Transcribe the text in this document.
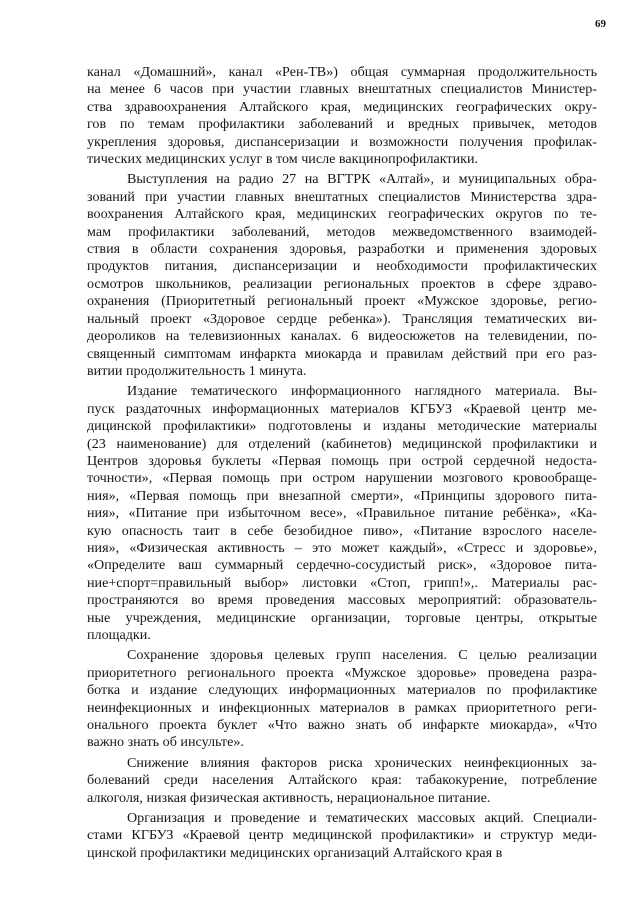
69
канал «Домашний», канал «Рен-ТВ») общая суммарная продолжительность
на менее 6 часов при участии главных внештатных специалистов Министер-
ства здравоохранения Алтайского края, медицинских географических окру-
гов по темам профилактики заболеваний и вредных привычек, методов
укрепления здоровья, диспансеризации и возможности получения профилак-
тических медицинских услуг в том числе вакцинопрофилактики.
Выступления на радио 27 на ВГТРК «Алтай», и муниципальных обра-
зований при участии главных внештатных специалистов Министерства здра-
воохранения Алтайского края, медицинских географических округов по те-
мам профилактики заболеваний, методов межведомственного взаимодей-
ствия в области сохранения здоровья, разработки и применения здоровых
продуктов питания, диспансеризации и необходимости профилактических
осмотров школьников, реализации региональных проектов в сфере здраво-
охранения (Приоритетный региональный проект «Мужское здоровье, регио-
нальный проект «Здоровое сердце ребенка»). Трансляция тематических ви-
деороликов на телевизионных каналах. 6 видеосюжетов на телевидении, по-
священный симптомам инфаркта миокарда и правилам действий при его раз-
витии продолжительность 1 минута.
Издание тематического информационного наглядного материала. Вы-
пуск раздаточных информационных материалов КГБУЗ «Краевой центр ме-
дицинской профилактики» подготовлены и изданы методические материалы
(23 наименование) для отделений (кабинетов) медицинской профилактики и
Центров здоровья буклеты «Первая помощь при острой сердечной недоста-
точности», «Первая помощь при остром нарушении мозгового кровообраще-
ния», «Первая помощь при внезапной смерти», «Принципы здорового пита-
ния», «Питание при избыточном весе», «Правильное питание ребёнка», «Ка-
кую опасность таит в себе безобидное пиво», «Питание взрослого населе-
ния», «Физическая активность – это может каждый», «Стресс и здоровье»,
«Определите ваш суммарный сердечно-сосудистый риск», «Здоровое пита-
ние+спорт=правильный выбор» листовки «Стоп, грипп!»,. Материалы рас-
пространяются во время проведения массовых мероприятий: образователь-
ные учреждения, медицинские организации, торговые центры, открытые
площадки.
Сохранение здоровья целевых групп населения. С целью реализации
приоритетного регионального проекта «Мужское здоровье» проведена разра-
ботка и издание следующих информационных материалов по профилактике
неинфекционных и инфекционных материалов в рамках приоритетного реги-
онального проекта буклет «Что важно знать об инфаркте миокарда», «Что
важно знать об инсульте».
Снижение влияния факторов риска хронических неинфекционных за-
болеваний среди населения Алтайского края: табакокурение, потребление
алкоголя, низкая физическая активность, нерациональное питание.
Организация и проведение и тематических массовых акций. Специали-
стами КГБУЗ «Краевой центр медицинской профилактики» и структур меди-
цинской профилактики медицинских организаций Алтайского края в
